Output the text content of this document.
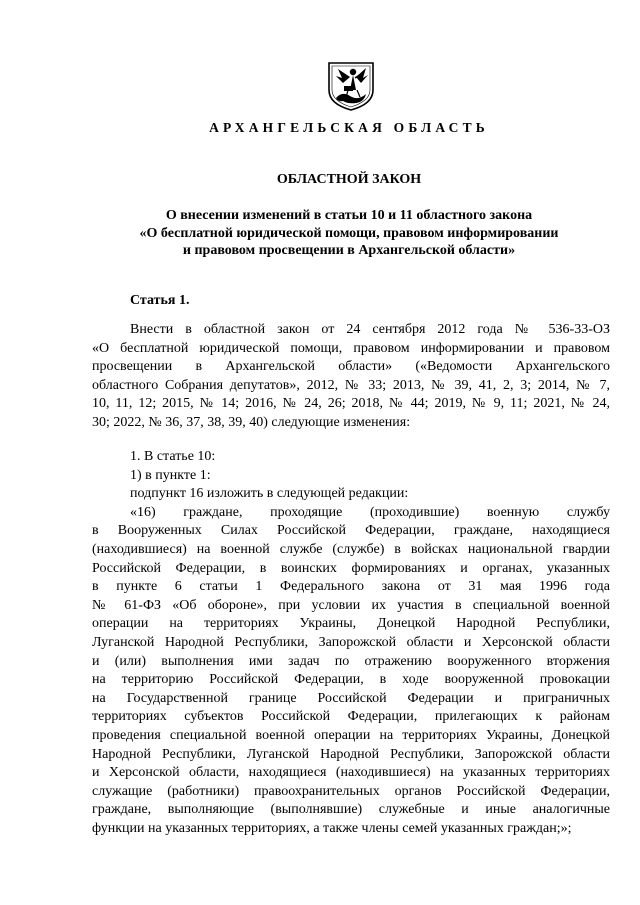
АРХАНГЕЛЬСКАЯ ОБЛАСТЬ
ОБЛАСТНОЙ ЗАКОН
О внесении изменений в статьи 10 и 11 областного закона
«О бесплатной юридической помощи, правовом информировании
и правовом просвещении в Архангельской области»
Статья 1.
Внести в областной закон от 24 сентября 2012 года № 536-33-ОЗ
«О бесплатной юридической помощи, правовом информировании и правовом
просвещении в Архангельской области» («Ведомости Архангельского
областного Собрания депутатов», 2012, № 33; 2013, № 39, 41, 2, 3; 2014, № 7,
10, 11, 12; 2015, № 14; 2016, № 24, 26; 2018, № 44; 2019, № 9, 11; 2021, № 24,
30; 2022, № 36, 37, 38, 39, 40) следующие изменения:
1. В статье 10:
1) в пункте 1:
подпункт 16 изложить в следующей редакции:
«16) граждане, проходящие (проходившие) военную службу
в Вооруженных Силах Российской Федерации, граждане, находящиеся
(находившиеся) на военной службе (службе) в войсках национальной гвардии
Российской Федерации, в воинских формированиях и органах, указанных
в пункте 6 статьи 1 Федерального закона от 31 мая 1996 года
№ 61-ФЗ «Об обороне», при условии их участия в специальной военной
операции на территориях Украины, Донецкой Народной Республики,
Луганской Народной Республики, Запорожской области и Херсонской области
и (или) выполнения ими задач по отражению вооруженного вторжения
на территорию Российской Федерации, в ходе вооруженной провокации
на Государственной границе Российской Федерации и приграничных
территориях субъектов Российской Федерации, прилегающих к районам
проведения специальной военной операции на территориях Украины, Донецкой
Народной Республики, Луганской Народной Республики, Запорожской области
и Херсонской области, находящиеся (находившиеся) на указанных территориях
служащие (работники) правоохранительных органов Российской Федерации,
граждане, выполняющие (выполнявшие) служебные и иные аналогичные
функции на указанных территориях, а также члены семей указанных граждан;»;
